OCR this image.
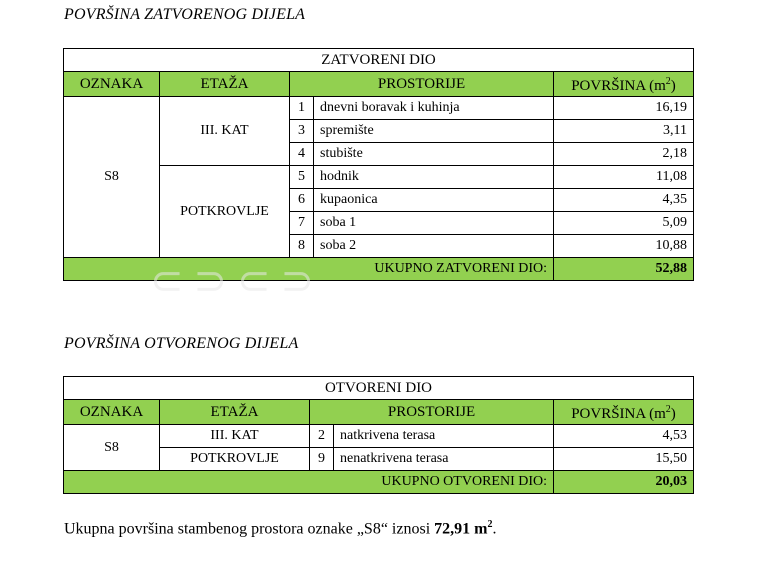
POVRŠINA ZATVORENOG DIJELA
ZATVORENI DIO				
OZNAKA	ETAŽA	PROSTORIJE		POVRŠINA $(m^2)$
S8	III. KAT	1	dnevni boravak i kuhinja	16,19
		3	spremište	3,11
		4	stubište	2,18
	POTKROVLJE	5	hodnik	11,08
		6	kupaonica	4,35
		7	soba 1	5,09
		8	soba 2	10,88
UKUPNO ZATVORENI DIO:				52,88
⊂⊃⊂⊃
POVRŠINA OTVORENOG DIJELA
OTVORENI DIO				
OZNAKA	ETAŽA	PROSTORIJE		POVRŠINA $(m^2)$
S8	III. KAT	2	natkrivena terasa	4,53
	POTKROVLJE	9	nenatkrivena terasa	15,50
UKUPNO OTVORENI DIO:				20,03
Ukupna površina stambenog prostora oznake „S8“ iznosi 72,91 $m^2$.
